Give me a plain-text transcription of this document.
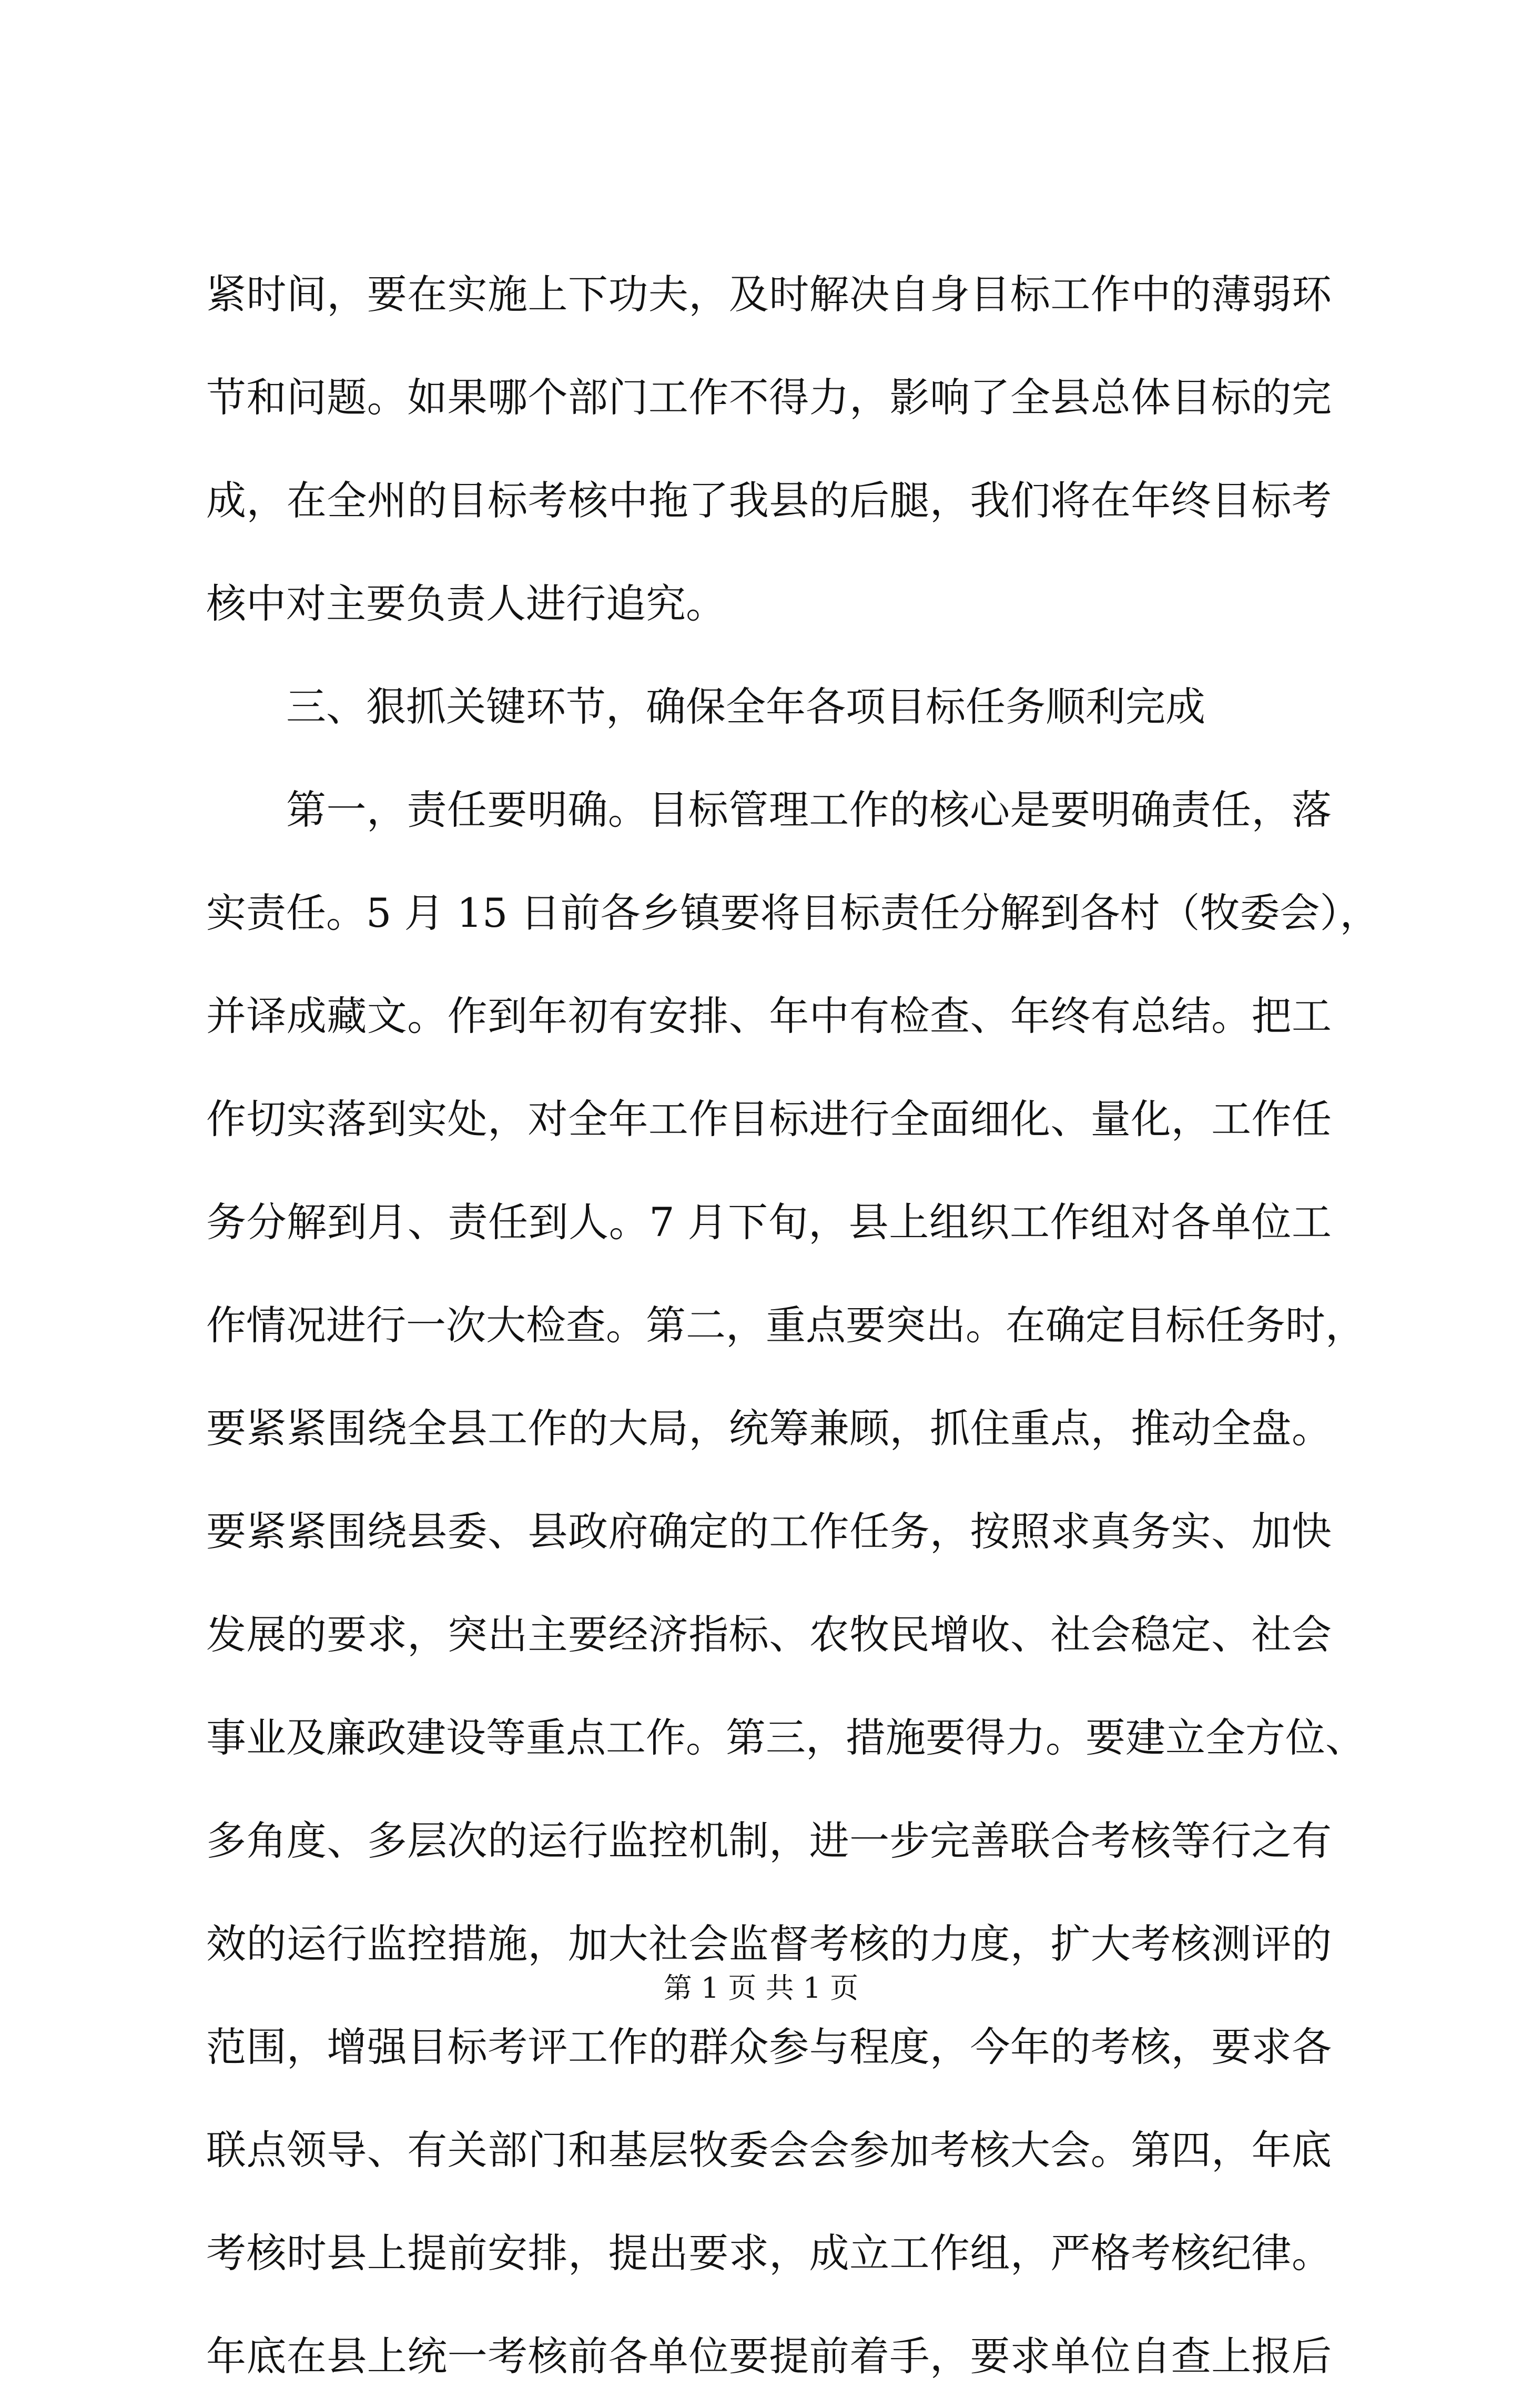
紧时间，要在实施上下功夫，及时解决自身目标工作中的薄弱环
节和问题。如果哪个部门工作不得力，影响了全县总体目标的完
成，在全州的目标考核中拖了我县的后腿，我们将在年终目标考
核中对主要负责人进行追究。
三、狠抓关键环节，确保全年各项目标任务顺利完成
第一，责任要明确。目标管理工作的核心是要明确责任，落
实责任。5 月 15 日前各乡镇要将目标责任分解到各村（牧委会），
并译成藏文。作到年初有安排、年中有检查、年终有总结。把工
作切实落到实处，对全年工作目标进行全面细化、量化，工作任
务分解到月、责任到人。7 月下旬，县上组织工作组对各单位工
作情况进行一次大检查。第二，重点要突出。在确定目标任务时，
要紧紧围绕全县工作的大局，统筹兼顾，抓住重点，推动全盘。
要紧紧围绕县委、县政府确定的工作任务，按照求真务实、加快
发展的要求，突出主要经济指标、农牧民增收、社会稳定、社会
事业及廉政建设等重点工作。第三，措施要得力。要建立全方位、
多角度、多层次的运行监控机制，进一步完善联合考核等行之有
效的运行监控措施，加大社会监督考核的力度，扩大考核测评的
范围，增强目标考评工作的群众参与程度，今年的考核，要求各
联点领导、有关部门和基层牧委会会参加考核大会。第四，年底
考核时县上提前安排，提出要求，成立工作组，严格考核纪律。
年底在县上统一考核前各单位要提前着手，要求单位自查上报后
第 1 页 共 1 页
